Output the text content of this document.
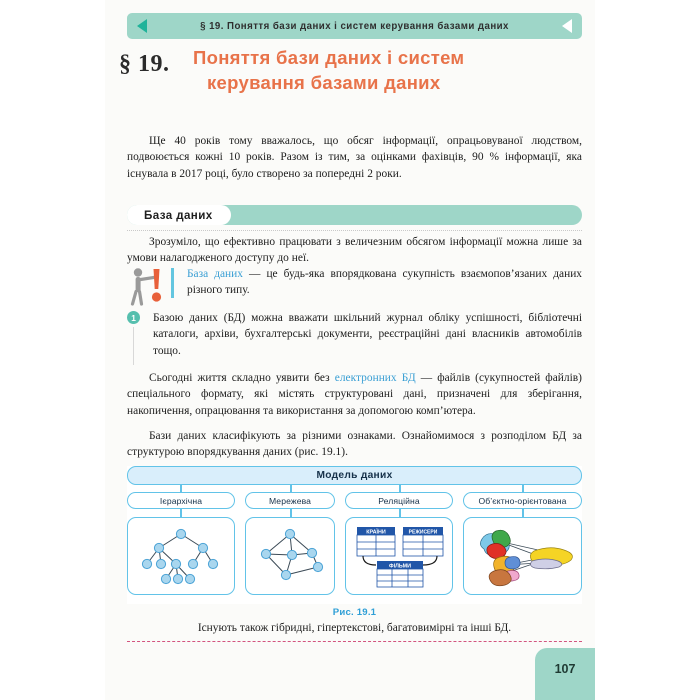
§ 19. Поняття бази даних і систем керування базами даних
§ 19. Поняття бази даних і систем
керування базами даних

Ще 40 років тому вважалось, що обсяг інформації, опрацьовуваної людством, подвоюється кожні 10 років. Разом із тим, за оцінками фахівців, 90 % інформації, яка існувала в 2017 році, було створено за попередні 2 роки.

База даних

Зрозуміло, що ефективно працювати з величезним обсягом інформації можна лише за умови налагодженого доступу до неї.

База даних — це будь-яка впорядкована сукупність взаємопов’язаних даних різного типу.
1	Базою даних (БД) можна вважати шкільний журнал обліку успішності, бібліотечні каталоги, архіви, бухгалтерські документи, реєстраційні дані власників автомобілів тощо.

Сьогодні життя складно уявити без електронних БД — файлів (сукупностей файлів) спеціального формату, які містять структуровані дані, призначені для зберігання, накопичення, опрацювання та використання за допомогою комп’ютера.

Бази даних класифікують за різними ознаками. Ознайомимося з розподілом БД за структурою впорядкування даних (рис. 19.1).

Модель даних
Ієрархічна	Мережева	Реляційна	Об’єктно-орієнтована
КРАЇНИ	РЕЖИСЕРИ
ФІЛЬМИ
Рис. 19.1
Існують також гібридні, гіпертекстові, багатовимірні та інші БД.
107
